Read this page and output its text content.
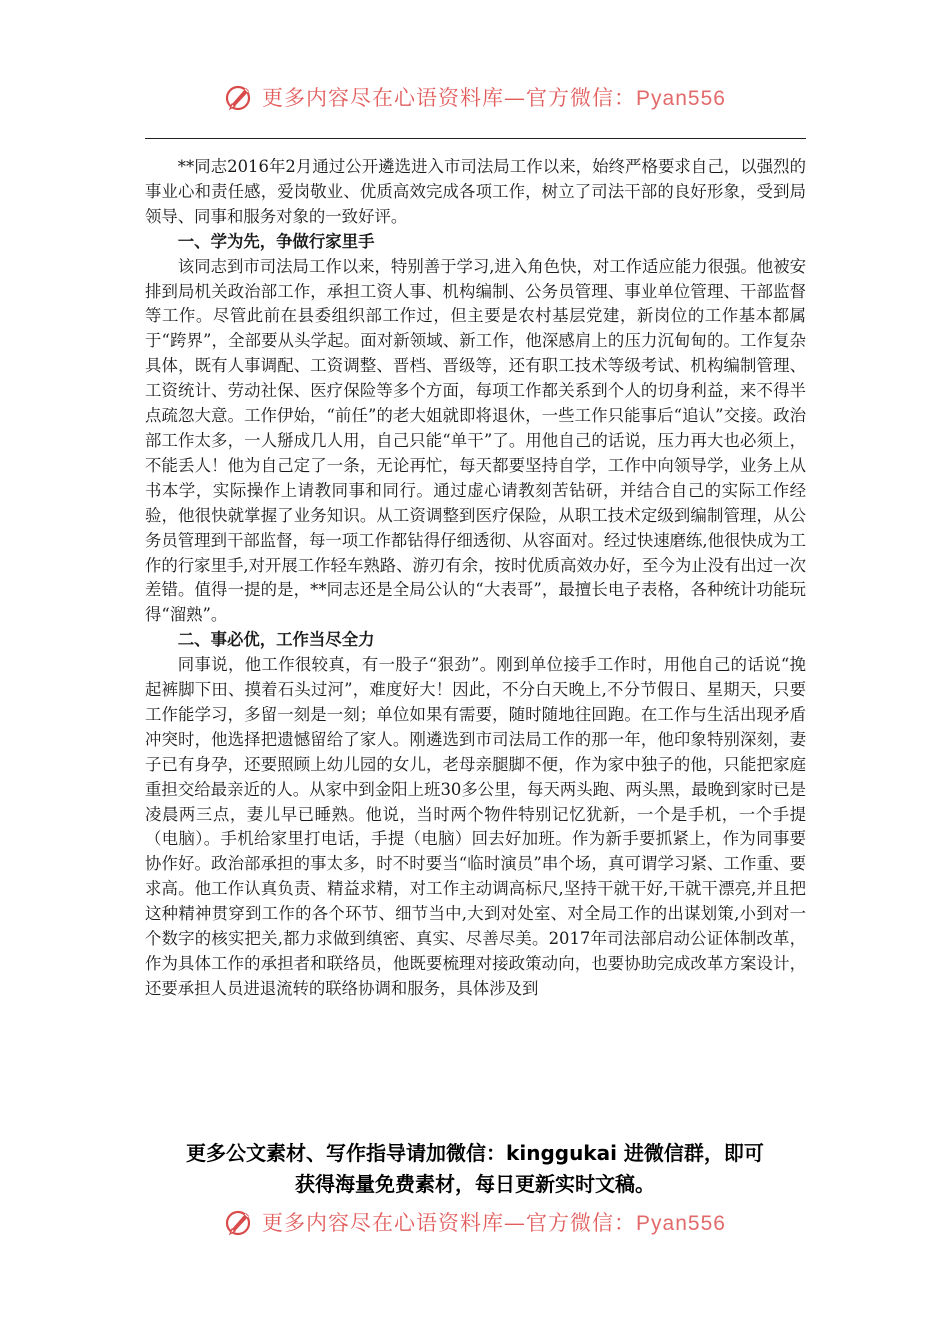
更多内容尽在心语资料库—官方微信：Pyan556

**同志2016年2月通过公开遴选进入市司法局工作以来，始终严格要求自己，以强烈的事业心和责任感，爱岗敬业、优质高效完成各项工作，树立了司法干部的良好形象，受到局领导、同事和服务对象的一致好评。

一、学为先，争做行家里手

该同志到市司法局工作以来，特别善于学习,进入角色快，对工作适应能力很强。他被安排到局机关政治部工作，承担工资人事、机构编制、公务员管理、事业单位管理、干部监督等工作。尽管此前在县委组织部工作过，但主要是农村基层党建，新岗位的工作基本都属于“跨界”，全部要从头学起。面对新领域、新工作，他深感肩上的压力沉甸甸的。工作复杂具体，既有人事调配、工资调整、晋档、晋级等，还有职工技术等级考试、机构编制管理、工资统计、劳动社保、医疗保险等多个方面，每项工作都关系到个人的切身利益，来不得半点疏忽大意。工作伊始，“前任”的老大姐就即将退休，一些工作只能事后“追认”交接。政治部工作太多，一人掰成几人用，自己只能“单干”了。用他自己的话说，压力再大也必须上，不能丢人！他为自己定了一条，无论再忙，每天都要坚持自学，工作中向领导学，业务上从书本学，实际操作上请教同事和同行。通过虚心请教刻苦钻研，并结合自己的实际工作经验，他很快就掌握了业务知识。从工资调整到医疗保险，从职工技术定级到编制管理，从公务员管理到干部监督，每一项工作都钻得仔细透彻、从容面对。经过快速磨练,他很快成为工作的行家里手,对开展工作轻车熟路、游刃有余，按时优质高效办好，至今为止没有出过一次差错。值得一提的是，**同志还是全局公认的“大表哥”，最擅长电子表格，各种统计功能玩得“溜熟”。

二、事必优，工作当尽全力

同事说，他工作很较真，有一股子“狠劲”。刚到单位接手工作时，用他自己的话说“挽起裤脚下田、摸着石头过河”，难度好大！因此，不分白天晚上,不分节假日、星期天，只要工作能学习，多留一刻是一刻；单位如果有需要，随时随地往回跑。在工作与生活出现矛盾冲突时，他选择把遗憾留给了家人。刚遴选到市司法局工作的那一年，他印象特别深刻，妻子已有身孕，还要照顾上幼儿园的女儿，老母亲腿脚不便，作为家中独子的他，只能把家庭重担交给最亲近的人。从家中到金阳上班30多公里，每天两头跑、两头黑，最晚到家时已是凌晨两三点，妻儿早已睡熟。他说，当时两个物件特别记忆犹新，一个是手机，一个手提（电脑）。手机给家里打电话，手提（电脑）回去好加班。作为新手要抓紧上，作为同事要协作好。政治部承担的事太多，时不时要当“临时演员”串个场，真可谓学习紧、工作重、要求高。他工作认真负责、精益求精，对工作主动调高标尺,坚持干就干好,干就干漂亮,并且把这种精神贯穿到工作的各个环节、细节当中,大到对处室、对全局工作的出谋划策,小到对一个数字的核实把关,都力求做到缜密、真实、尽善尽美。2017年司法部启动公证体制改革，作为具体工作的承担者和联络员，他既要梳理对接政策动向，也要协助完成改革方案设计，还要承担人员进退流转的联络协调和服务，具体涉及到

更多公文素材、写作指导请加微信：kinggukai 进微信群，即可
获得海量免费素材，每日更新实时文稿。
更多内容尽在心语资料库—官方微信：Pyan556
